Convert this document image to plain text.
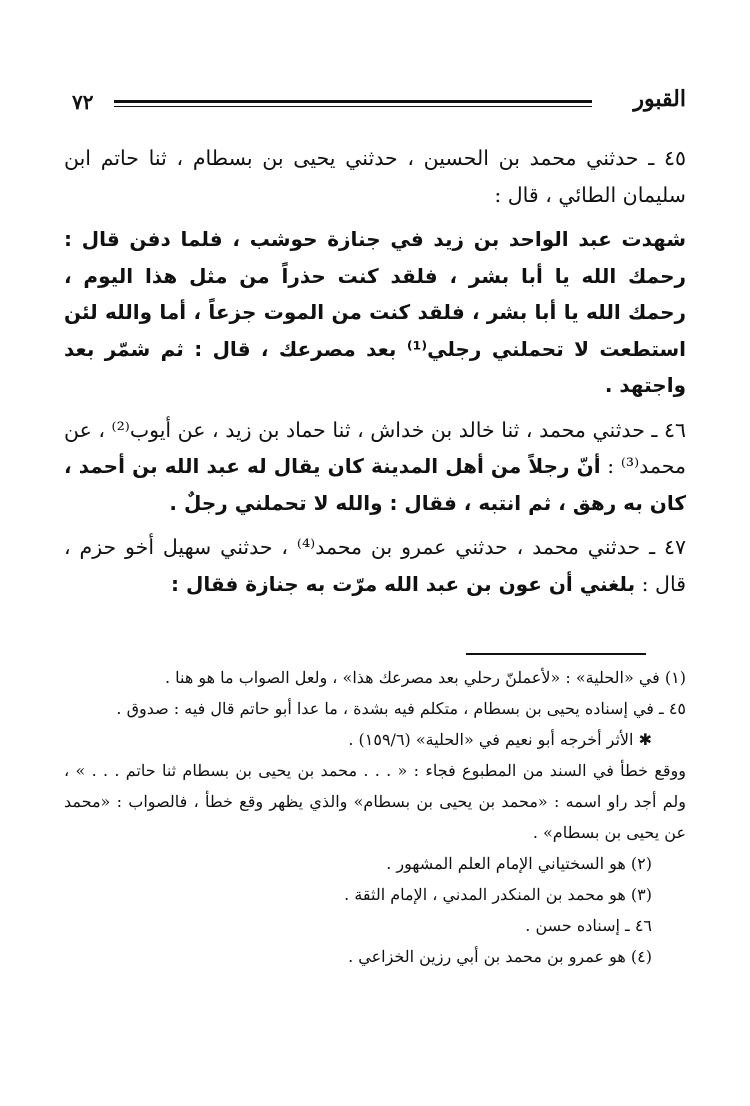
٧٢	القبور

٤٥ ـ حدثني محمد بن الحسين ، حدثني يحيى بن بسطام ، ثنا حاتم ابن سليمان الطائي ، قال :

شهدت عبد الواحد بن زيد في جنازة حوشب ، فلما دفن قال : رحمك الله يا أبا بشر ، فلقد كنت حذراً من مثل هذا اليوم ، رحمك الله يا أبا بشر ، فلقد كنت من الموت جزعاً ، أما والله لئن استطعت لا تحملني رجلي⁽¹⁾ بعد مصرعك ، قال : ثم شمّر بعد واجتهد .

٤٦ ـ حدثني محمد ، ثنا خالد بن خداش ، ثنا حماد بن زيد ، عن أيوب⁽²⁾ ، عن محمد⁽³⁾ : أنّ رجلاً من أهل المدينة كان يقال له عبد الله بن أحمد ، كان به رهق ، ثم انتبه ، فقال : والله لا تحملني رجلٌ .

٤٧ ـ حدثني محمد ، حدثني عمرو بن محمد⁽⁴⁾ ، حدثني سهيل أخو حزم ، قال : بلغني أن عون بن عبد الله مرّت به جنازة فقال :

(١) في «الحلية» : «لأعملنّ رحلي بعد مصرعك هذا» ، ولعل الصواب ما هو هنا .

٤٥ ـ في إسناده يحيى بن بسطام ، متكلم فيه بشدة ، ما عدا أبو حاتم قال فيه : صدوق .

✱ الأثر أخرجه أبو نعيم في «الحلية» (١٥٩/٦) .

ووقع خطأ في السند من المطبوع فجاء : « . . . محمد بن يحيى بن بسطام ثنا حاتم . . . » ، ولم أجد راو اسمه : «محمد بن يحيى بن بسطام» والذي يظهر وقع خطأ ، فالصواب : «محمد عن يحيى بن بسطام» .

(٢) هو السختياني الإمام العلم المشهور .

(٣) هو محمد بن المنكدر المدني ، الإمام الثقة .

٤٦ ـ إسناده حسن .

(٤) هو عمرو بن محمد بن أبي رزين الخزاعي .
